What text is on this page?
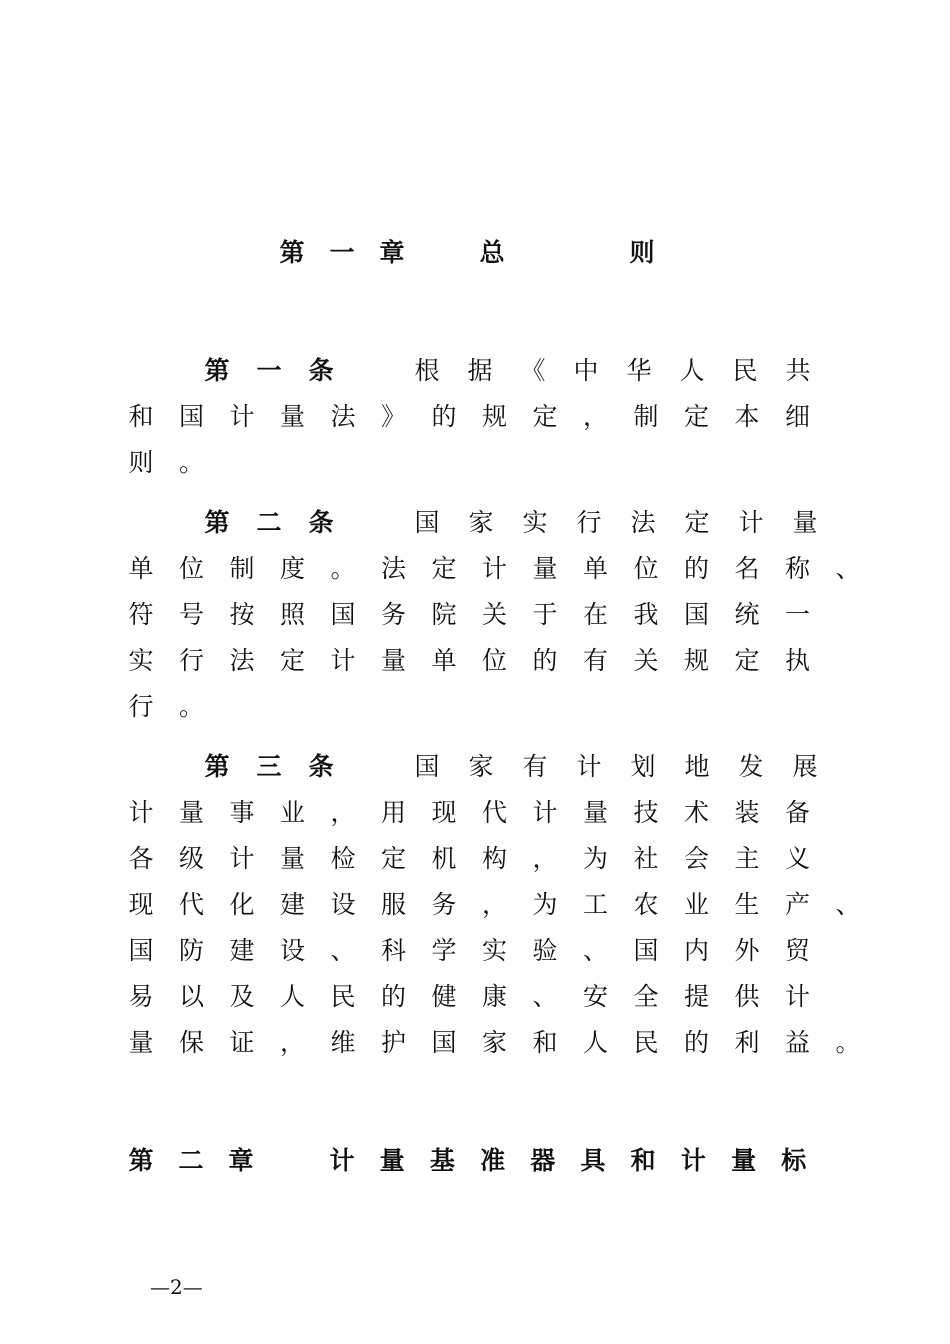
第 一 章	总	则
第 一 条	根 据 《 中 华 人 民 共
和 国 计 量 法 》 的 规 定 ， 制 定 本 细
则 。
第 二 条	国 家 实 行 法 定 计 量
单 位 制 度 。 法 定 计 量 单 位 的 名 称 、
符 号 按 照 国 务 院 关 于 在 我 国 统 一
实 行 法 定 计 量 单 位 的 有 关 规 定 执
行 。
第 三 条	国 家 有 计 划 地 发 展
计 量 事 业 ， 用 现 代 计 量 技 术 装 备
各 级 计 量 检 定 机 构 ， 为 社 会 主 义
现 代 化 建 设 服 务 ， 为 工 农 业 生 产 、
国 防 建 设 、 科 学 实 验 、 国 内 外 贸
易 以 及 人 民 的 健 康 、 安 全 提 供 计
量 保 证 ， 维 护 国 家 和 人 民 的 利 益 。
第 二 章	计 量 基 准 器 具 和 计 量 标
—2—
